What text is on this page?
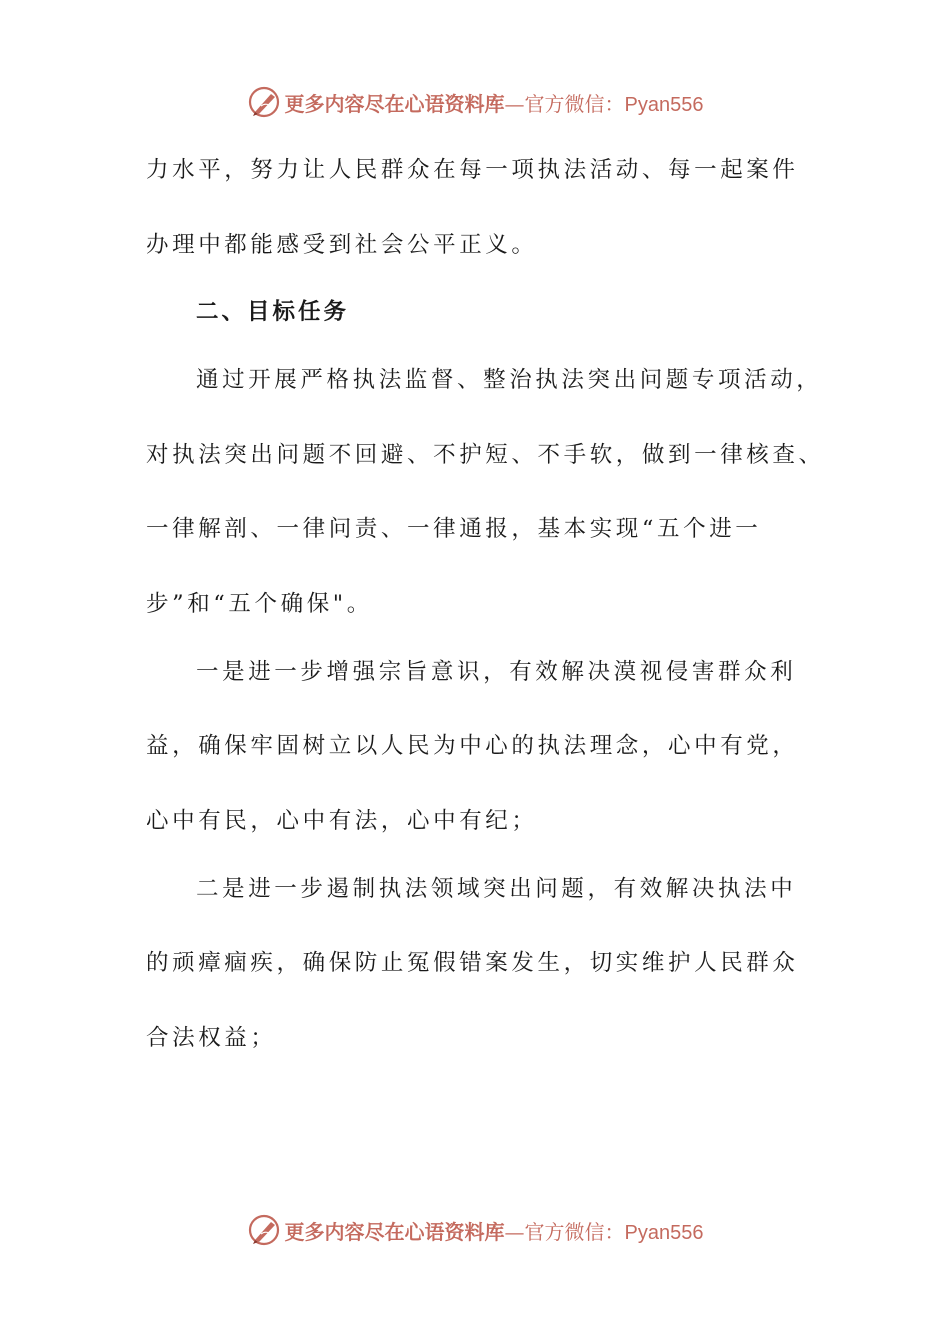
更多内容尽在心语资料库—官方微信：Pyan556
力水平，努力让人民群众在每一项执法活动、每一起案件
办理中都能感受到社会公平正义。
二、目标任务
通过开展严格执法监督、整治执法突出问题专项活动，
对执法突出问题不回避、不护短、不手软，做到一律核查、
一律解剖、一律问责、一律通报，基本实现“五个进一
步”和“五个确保"。
一是进一步增强宗旨意识，有效解决漠视侵害群众利
益，确保牢固树立以人民为中心的执法理念，心中有党，
心中有民，心中有法，心中有纪；
二是进一步遏制执法领域突出问题，有效解决执法中
的顽瘴痼疾，确保防止冤假错案发生，切实维护人民群众
合法权益；
更多内容尽在心语资料库—官方微信：Pyan556
